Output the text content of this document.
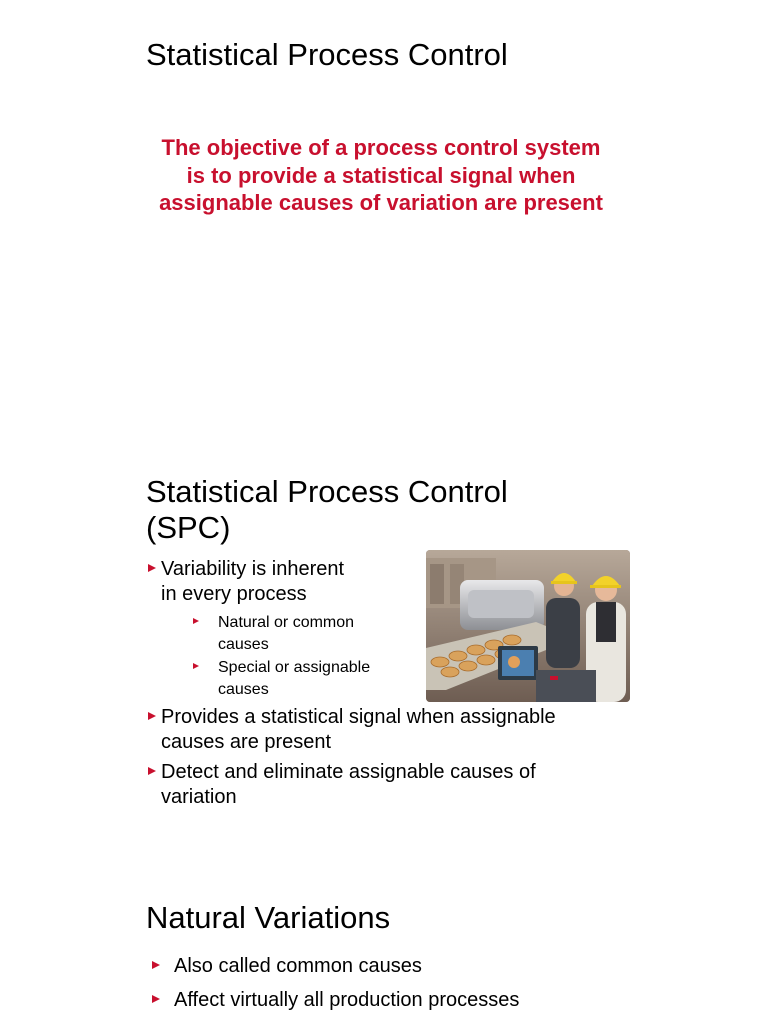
Statistical Process Control
The objective of a process control system is to provide a statistical signal when assignable causes of variation are present
Statistical Process Control
(SPC)
Variability is inherent
in every process
Natural or common
causes
Special or assignable
causes
Provides a statistical signal when assignable
causes are present
Detect and eliminate assignable causes of
variation
Natural Variations
Also called common causes
Affect virtually all production processes
